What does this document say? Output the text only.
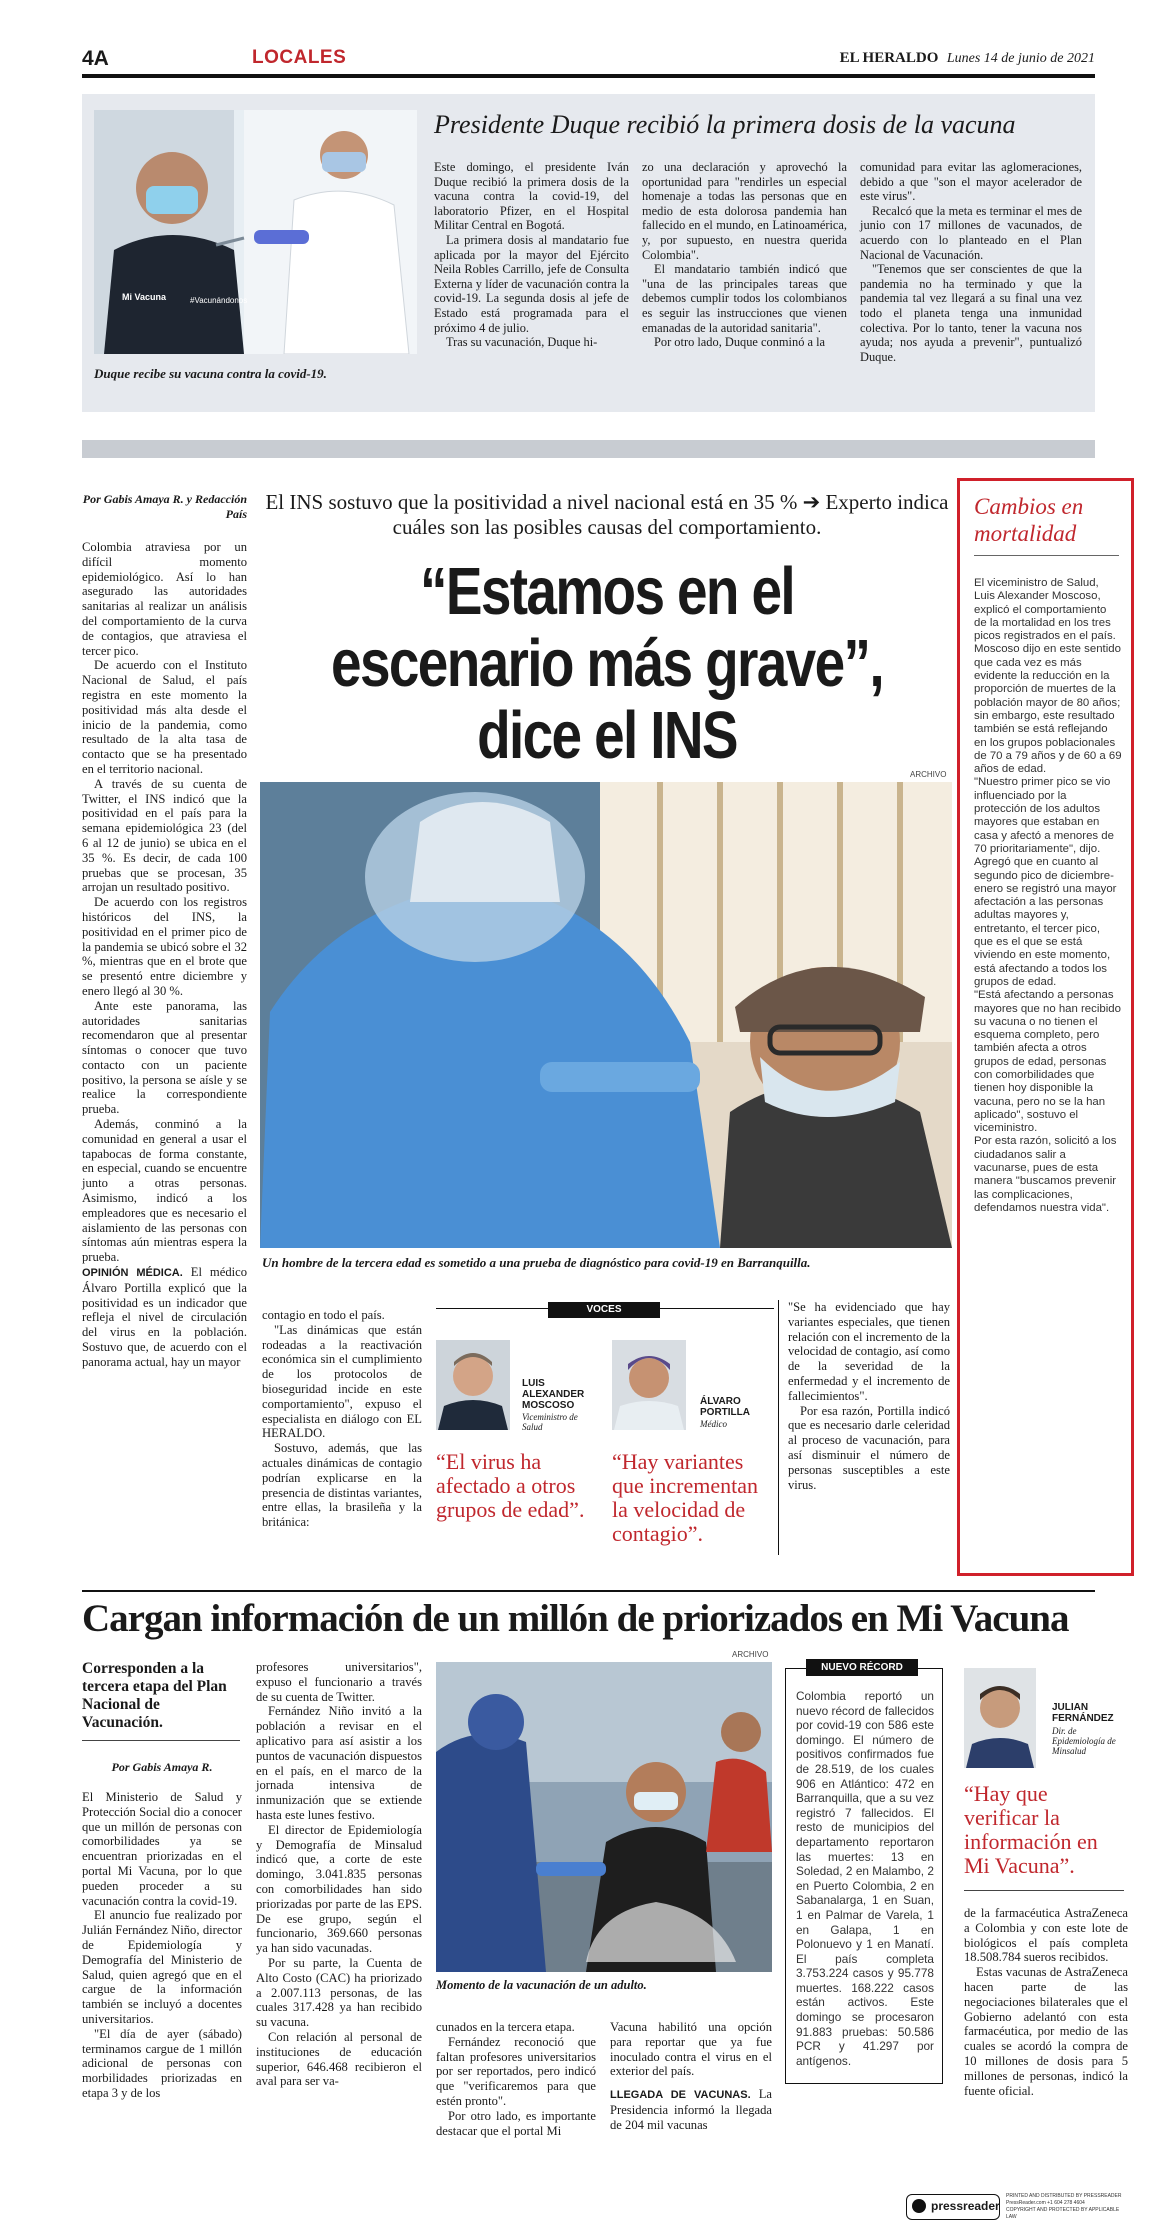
4A	LOCALES	EL HERALDO Lunes 14 de junio de 2021
Mi Vacuna	#Vacunándonos
Duque recibe su vacuna contra la covid-19.
Presidente Duque recibió la primera dosis de la vacuna

Este domingo, el presidente Iván Duque recibió la primera dosis de la vacuna contra la covid-19, del laboratorio Pfizer, en el Hospital Militar Central en Bogotá.

La primera dosis al mandatario fue aplicada por la mayor del Ejército Neila Robles Carrillo, jefe de Consulta Externa y líder de vacunación contra la covid-19. La segunda dosis al jefe de Estado está programada para el próximo 4 de julio.

Tras su vacunación, Duque hi-

zo una declaración y aprovechó la oportunidad para "rendirles un especial homenaje a todas las personas que en medio de esta dolorosa pandemia han fallecido en el mundo, en Latinoamérica, y, por supuesto, en nuestra querida Colombia".

El mandatario también indicó que "una de las principales tareas que debemos cumplir todos los colombianos es seguir las instrucciones que vienen emanadas de la autoridad sanitaria".

Por otro lado, Duque conminó a la

comunidad para evitar las aglomeraciones, debido a que "son el mayor acelerador de este virus".

Recalcó que la meta es terminar el mes de junio con 17 millones de vacunados, de acuerdo con lo planteado en el Plan Nacional de Vacunación.

"Tenemos que ser conscientes de que la pandemia no ha terminado y que la pandemia tal vez llegará a su final una vez todo el planeta tenga una inmunidad colectiva. Por lo tanto, tener la vacuna nos ayuda; nos ayuda a prevenir", puntualizó Duque.

Por Gabis Amaya R. y Redacción País

Colombia atraviesa por un difícil momento epidemiológico. Así lo han asegurado las autoridades sanitarias al realizar un análisis del comportamiento de la curva de contagios, que atraviesa el tercer pico.

De acuerdo con el Instituto Nacional de Salud, el país registra en este momento la positividad más alta desde el inicio de la pandemia, como resultado de la alta tasa de contacto que se ha presentado en el territorio nacional.

A través de su cuenta de Twitter, el INS indicó que la positividad en el país para la semana epidemiológica 23 (del 6 al 12 de junio) se ubica en el 35 %. Es decir, de cada 100 pruebas que se procesan, 35 arrojan un resultado positivo.

De acuerdo con los registros históricos del INS, la positividad en el primer pico de la pandemia se ubicó sobre el 32 %, mientras que en el brote que se presentó entre diciembre y enero llegó al 30 %.

Ante este panorama, las autoridades sanitarias recomendaron que al presentar síntomas o conocer que tuvo contacto con un paciente positivo, la persona se aísle y se realice la correspondiente prueba.

Además, conminó a la comunidad en general a usar el tapabocas de forma constante, en especial, cuando se encuentre junto a otras personas. Asimismo, indicó a los empleadores que es necesario el aislamiento de las personas con síntomas aún mientras espera la prueba.

OPINIÓN MÉDICA. El médico Álvaro Portilla explicó que la positividad es un indicador que refleja el nivel de circulación del virus en la población. Sostuvo que, de acuerdo con el panorama actual, hay un mayor

El INS sostuvo que la positividad a nivel nacional está en 35 % ➔ Experto indica cuáles son las posibles causas del comportamiento.
“Estamos en el escenario más grave”, dice el INS
ARCHIVO
Un hombre de la tercera edad es sometido a una prueba de diagnóstico para covid-19 en Barranquilla.

contagio en todo el país.

"Las dinámicas que están rodeadas a la reactivación económica sin el cumplimiento de los protocolos de bioseguridad incide en este comportamiento", expuso el especialista en diálogo con EL HERALDO.

Sostuvo, además, que las actuales dinámicas de contagio podrían explicarse en la presencia de distintas variantes, entre ellas, la brasileña y la británica:

VOCES
LUIS ALEXANDER MOSCOSO
Viceministro de Salud
“El virus ha afectado a otros grupos de edad”.
ÁLVARO PORTILLA
Médico
“Hay variantes que incrementan la velocidad de contagio”.

"Se ha evidenciado que hay variantes especiales, que tienen relación con el incremento de la velocidad de contagio, así como de la severidad de la enfermedad y el incremento de fallecimientos".

Por esa razón, Portilla indicó que es necesario darle celeridad al proceso de vacunación, para así disminuir el número de personas susceptibles a este virus.

Cambios en mortalidad
El viceministro de Salud, Luis Alexander Moscoso, explicó el comportamiento de la mortalidad en los tres picos registrados en el país.
Moscoso dijo en este sentido que cada vez es más evidente la reducción en la proporción de muertes de la población mayor de 80 años; sin embargo, este resultado también se está reflejando en los grupos poblacionales de 70 a 79 años y de 60 a 69 años de edad.
"Nuestro primer pico se vio influenciado por la protección de los adultos mayores que estaban en casa y afectó a menores de 70 prioritariamente", dijo.
Agregó que en cuanto al segundo pico de diciembre-enero se registró una mayor afectación a las personas adultas mayores y, entretanto, el tercer pico, que es el que se está viviendo en este momento, está afectando a todos los grupos de edad.
"Está afectando a personas mayores que no han recibido su vacuna o no tienen el esquema completo, pero también afecta a otros grupos de edad, personas con comorbilidades que tienen hoy disponible la vacuna, pero no se la han aplicado", sostuvo el viceministro.
Por esta razón, solicitó a los ciudadanos salir a vacunarse, pues de esta manera "buscamos prevenir las complicaciones, defendamos nuestra vida".
Cargan información de un millón de priorizados en Mi Vacuna
Corresponden a la tercera etapa del Plan Nacional de Vacunación.
Por Gabis Amaya R.

El Ministerio de Salud y Protección Social dio a conocer que un millón de personas con comorbilidades ya se encuentran priorizadas en el portal Mi Vacuna, por lo que pueden proceder a su vacunación contra la covid-19.

El anuncio fue realizado por Julián Fernández Niño, director de Epidemiología y Demografía del Ministerio de Salud, quien agregó que en el cargue de la información también se incluyó a docentes universitarios.

"El día de ayer (sábado) terminamos cargue de 1 millón adicional de personas con morbilidades priorizadas en etapa 3 y de los

profesores universitarios", expuso el funcionario a través de su cuenta de Twitter.

Fernández Niño invitó a la población a revisar en el aplicativo para así asistir a los puntos de vacunación dispuestos en el país, en el marco de la jornada intensiva de inmunización que se extiende hasta este lunes festivo.

El director de Epidemiología y Demografía de Minsalud indicó que, a corte de este domingo, 3.041.835 personas con comorbilidades han sido priorizadas por parte de las EPS. De ese grupo, según el funcionario, 369.660 personas ya han sido vacunadas.

Por su parte, la Cuenta de Alto Costo (CAC) ha priorizado a 2.007.113 personas, de las cuales 317.428 ya han recibido su vacuna.

Con relación al personal de instituciones de educación superior, 646.468 recibieron el aval para ser va-

ARCHIVO
Momento de la vacunación de un adulto.

cunados en la tercera etapa.

Fernández reconoció que faltan profesores universitarios por ser reportados, pero indicó que "verificaremos para que estén pronto".

Por otro lado, es importante destacar que el portal Mi

Vacuna habilitó una opción para reportar que ya fue inoculado contra el virus en el exterior del país.

LLEGADA DE VACUNAS. La Presidencia informó la llegada de 204 mil vacunas

NUEVO RÉCORD
Colombia reportó un nuevo récord de fallecidos por covid-19 con 586 este domingo. El número de positivos confirmados fue de 28.519, de los cuales 906 en Atlántico: 472 en Barranquilla, que a su vez registró 7 fallecidos. El resto de municipios del departamento reportaron las muertes: 13 en Soledad, 2 en Malambo, 2 en Puerto Colombia, 2 en Sabanalarga, 1 en Suan, 1 en Palmar de Varela, 1 en Galapa, 1 en Polonuevo y 1 en Manatí. El país completa 3.753.224 casos y 95.778 muertes. 168.222 casos están activos. Este domingo se procesaron 91.883 pruebas: 50.586 PCR y 41.297 por antígenos.
JULIAN FERNÁNDEZ
Dir. de Epidemiología de Minsalud
“Hay que verificar la información en Mi Vacuna”.

de la farmacéutica AstraZeneca a Colombia y con este lote de biológicos el país completa 18.508.784 sueros recibidos.

Estas vacunas de AstraZeneca hacen parte de las negociaciones bilaterales que el Gobierno adelantó con esta farmacéutica, por medio de las cuales se acordó la compra de 10 millones de dosis para 5 millones de personas, indicó la fuente oficial.

pressreader
PRINTED AND DISTRIBUTED BY PRESSREADER
PressReader.com +1 604 278 4604
COPYRIGHT AND PROTECTED BY APPLICABLE LAW
